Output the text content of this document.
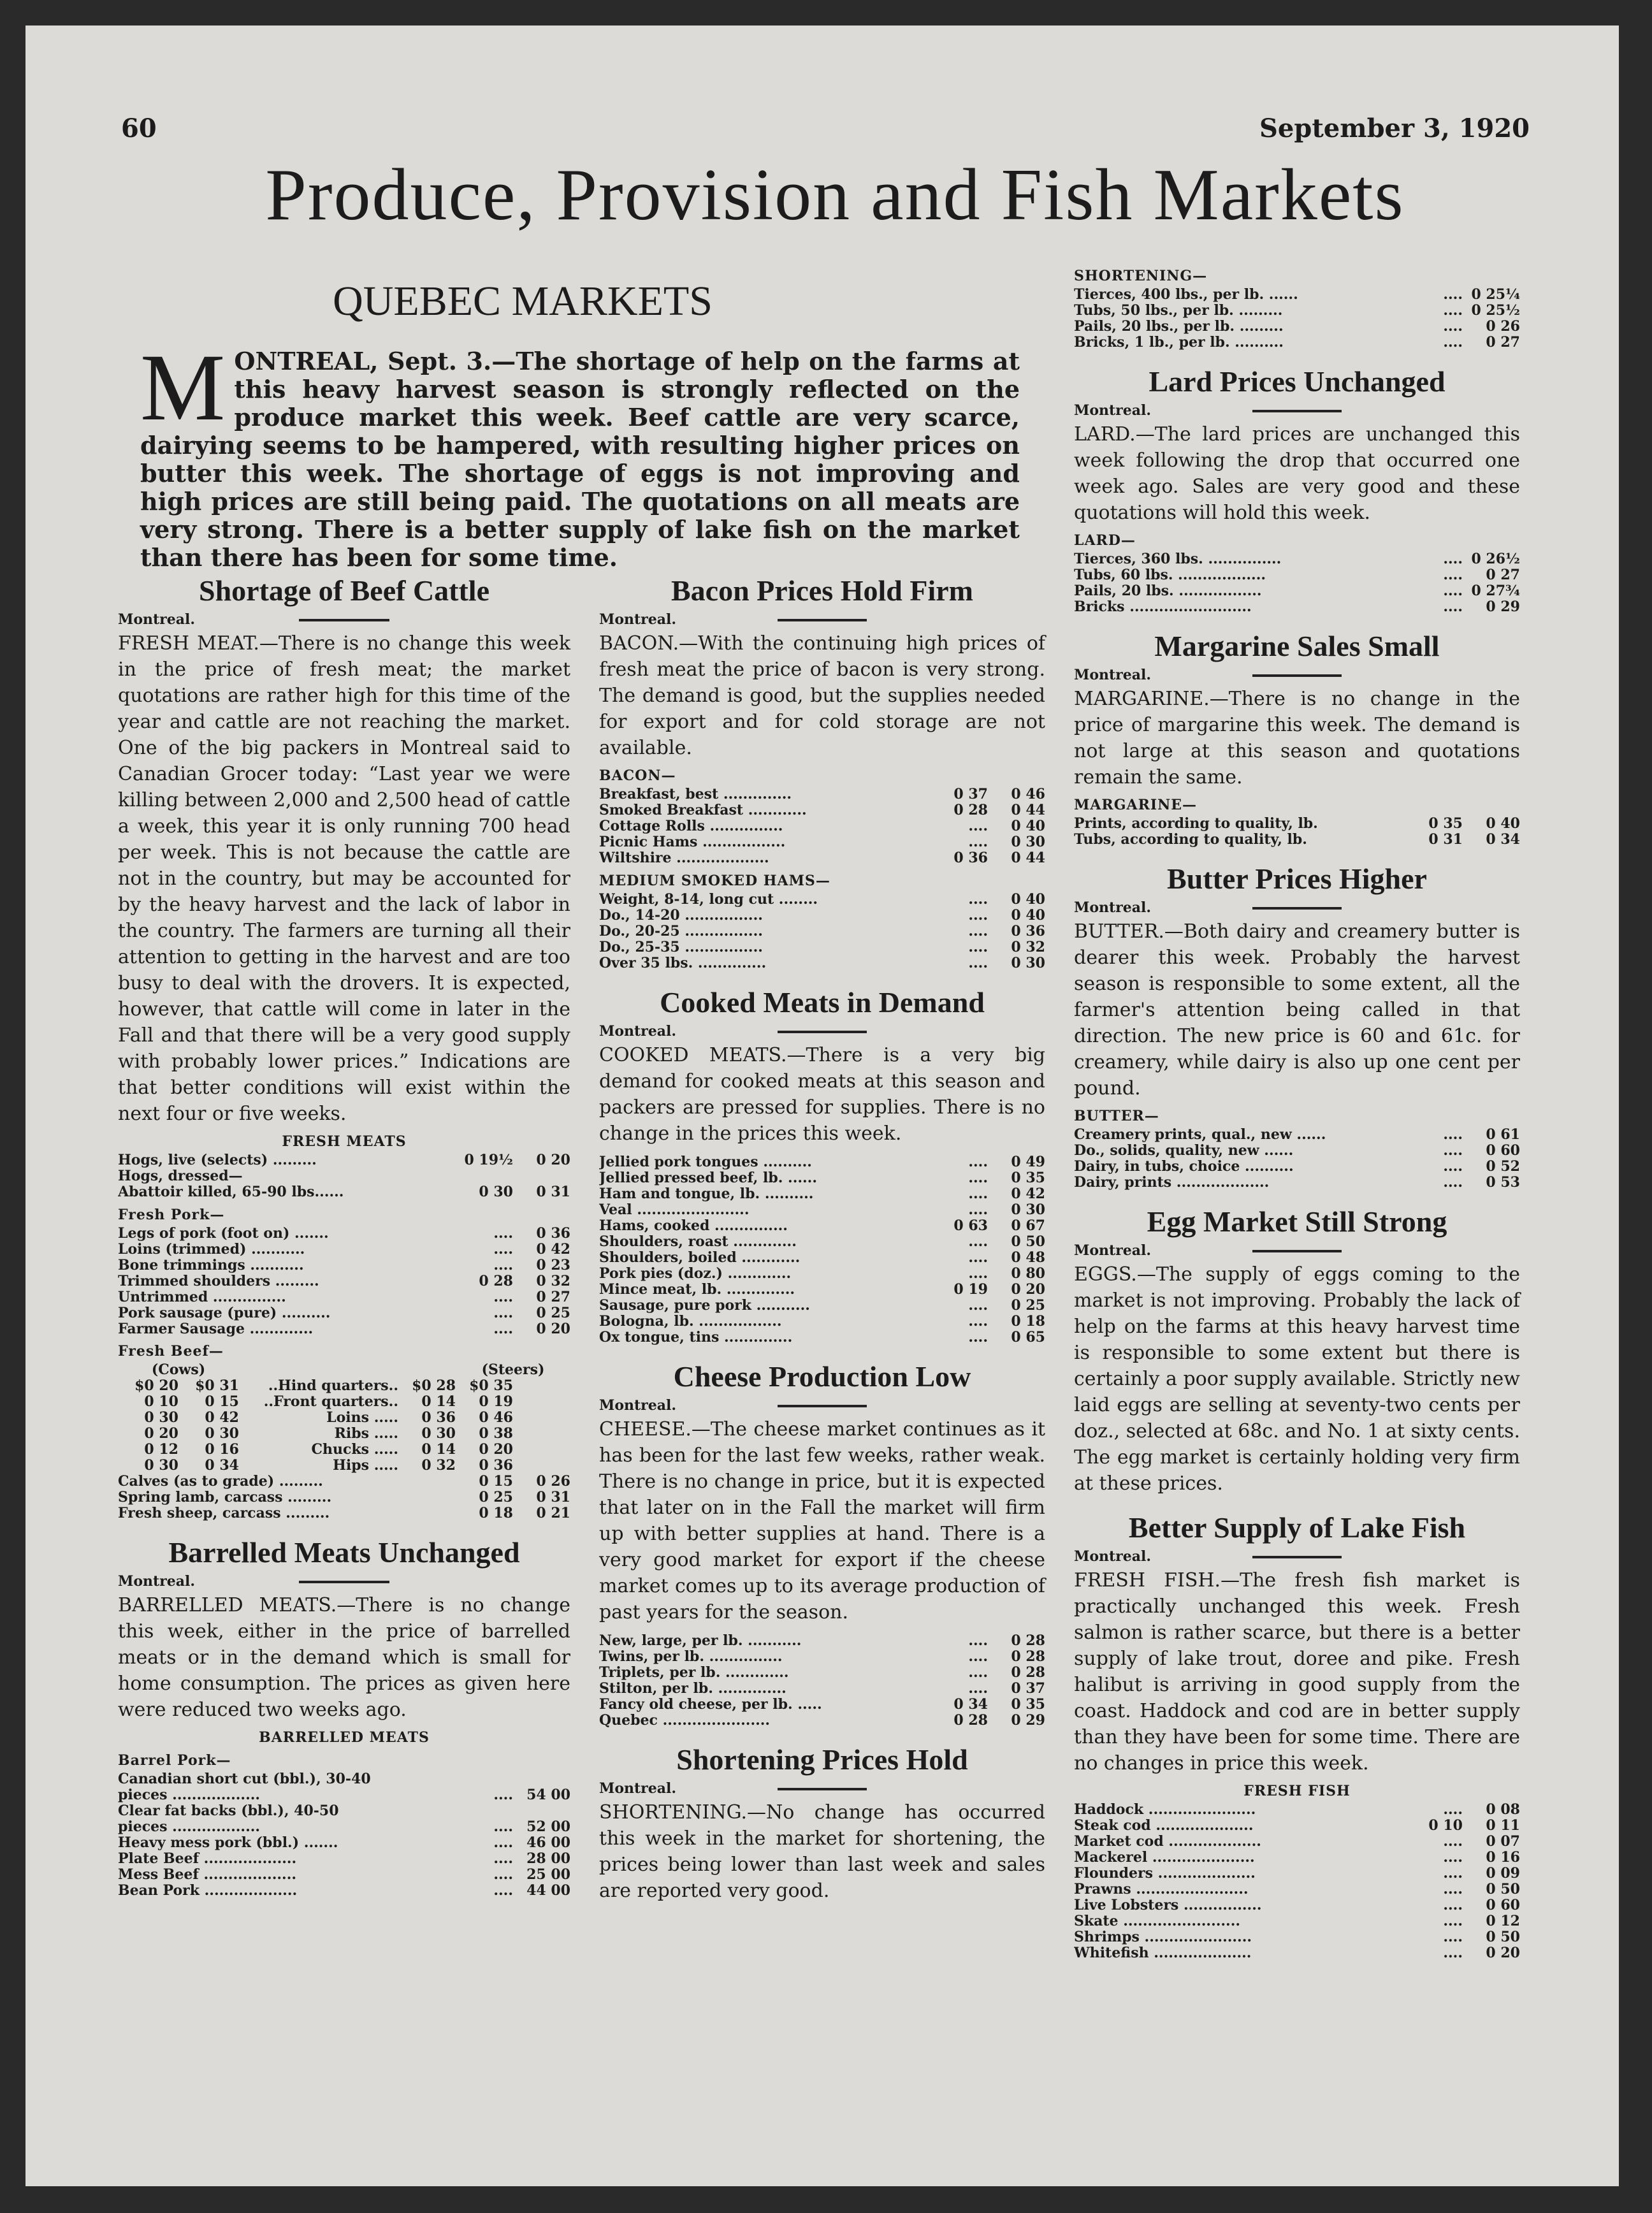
60	September 3, 1920
Produce, Provision and Fish Markets
QUEBEC MARKETS
M ONTREAL, Sept. 3.—The shortage of help on the farms at this heavy harvest season is strongly reflected on the produce market this week. Beef cattle are very scarce, dairying seems to be hampered, with resulting higher prices on butter this week. The shortage of eggs is not improving and high prices are still being paid. The quotations on all meats are very strong. There is a better supply of lake fish on the market than there has been for some time.
Shortage of Beef Cattle
Montreal.
FRESH MEAT.—There is no change this week in the price of fresh meat; the market quotations are rather high for this time of the year and cattle are not reaching the market. One of the big packers in Montreal said to Canadian Grocer today: “Last year we were killing between 2,000 and 2,500 head of cattle a week, this year it is only running 700 head per week. This is not because the cattle are not in the country, but may be accounted for by the heavy harvest and the lack of labor in the country. The farmers are turning all their attention to getting in the harvest and are too busy to deal with the drovers. It is expected, however, that cattle will come in later in the Fall and that there will be a very good supply with probably lower prices.” Indications are that better conditions will exist within the next four or five weeks.
FRESH MEATS
Hogs, live (selects) .........	0 19½	0 20
Hogs, dressed—
Abattoir killed, 65-90 lbs......	0 30	0 31
Fresh Pork—
Legs of pork (foot on) .......	....	0 36
Loins (trimmed) ...........	....	0 42
Bone trimmings ...........	....	0 23
Trimmed shoulders .........	0 28	0 32
Untrimmed ...............	....	0 27
Pork sausage (pure) ..........	....	0 25
Farmer Sausage .............	....	0 20
Fresh Beef—
(Cows)	(Steers)
$0 20	$0 31	..Hind quarters.. $0 28 $0 35
0 10	0 15	..Front quarters..	0 14	0 19
0 30	0 42	Loins .....	0 36	0 46
0 20	0 30	Ribs .....	0 30	0 38
0 12	0 16	Chucks .....	0 14	0 20
0 30	0 34	Hips .....	0 32	0 36
Calves (as to grade) .........	0 15	0 26
Spring lamb, carcass .........	0 25	0 31
Fresh sheep, carcass .........	0 18	0 21
Barrelled Meats Unchanged
Montreal.
BARRELLED MEATS.—There is no change this week, either in the price of barrelled meats or in the demand which is small for home consumption. The prices as given here were reduced two weeks ago.
BARRELLED MEATS
Barrel Pork—
Canadian short cut (bbl.), 30-40
pieces ..................	.... 54 00
Clear fat backs (bbl.), 40-50
pieces ..................	.... 52 00
Heavy mess pork (bbl.) .......	.... 46 00
Plate Beef ...................	.... 28 00
Mess Beef ...................	.... 25 00
Bean Pork ...................	.... 44 00
Bacon Prices Hold Firm
Montreal.
BACON.—With the continuing high prices of fresh meat the price of bacon is very strong. The demand is good, but the supplies needed for export and for cold storage are not available.
BACON—
Breakfast, best ..............	0 37	0 46
Smoked Breakfast ............	0 28	0 44
Cottage Rolls ...............	....	0 40
Picnic Hams .................	....	0 30
Wiltshire ...................	0 36	0 44
MEDIUM SMOKED HAMS—
Weight, 8-14, long cut ........	....	0 40
Do., 14-20 ................	....	0 40
Do., 20-25 ................	....	0 36
Do., 25-35 ................	....	0 32
Over 35 lbs. ..............	....	0 30
Cooked Meats in Demand
Montreal.
COOKED MEATS.—There is a very big demand for cooked meats at this season and packers are pressed for supplies. There is no change in the prices this week.
Jellied pork tongues ..........	....	0 49
Jellied pressed beef, lb. ......	....	0 35
Ham and tongue, lb. ..........	....	0 42
Veal .......................	....	0 30
Hams, cooked ...............	0 63	0 67
Shoulders, roast .............	....	0 50
Shoulders, boiled ............	....	0 48
Pork pies (doz.) .............	....	0 80
Mince meat, lb. ..............	0 19	0 20
Sausage, pure pork ...........	....	0 25
Bologna, lb. .................	....	0 18
Ox tongue, tins ..............	....	0 65
Cheese Production Low
Montreal.
CHEESE.—The cheese market continues as it has been for the last few weeks, rather weak. There is no change in price, but it is expected that later on in the Fall the market will firm up with better supplies at hand. There is a very good market for export if the cheese market comes up to its average production of past years for the season.
New, large, per lb. ...........	....	0 28
Twins, per lb. ...............	....	0 28
Triplets, per lb. .............	....	0 28
Stilton, per lb. ..............	....	0 37
Fancy old cheese, per lb. .....	0 34	0 35
Quebec ......................	0 28	0 29
Shortening Prices Hold
Montreal.
SHORTENING.—No change has occurred this week in the market for shortening, the prices being lower than last week and sales are reported very good.
SHORTENING—
Tierces, 400 lbs., per lb. ......	.... 0 25¼
Tubs, 50 lbs., per lb. .........	.... 0 25½
Pails, 20 lbs., per lb. .........	....	0 26
Bricks, 1 lb., per lb. ..........	....	0 27
Lard Prices Unchanged
Montreal.
LARD.—The lard prices are unchanged this week following the drop that occurred one week ago. Sales are very good and these quotations will hold this week.
LARD—
Tierces, 360 lbs. ...............	.... 0 26½
Tubs, 60 lbs. ..................	....	0 27
Pails, 20 lbs. .................	.... 0 27¾
Bricks .........................	....	0 29
Margarine Sales Small
Montreal.
MARGARINE.—There is no change in the price of margarine this week. The demand is not large at this season and quotations remain the same.
MARGARINE—
Prints, according to quality, lb.	0 35	0 40
Tubs, according to quality, lb.	0 31	0 34
Butter Prices Higher
Montreal.
BUTTER.—Both dairy and creamery butter is dearer this week. Probably the harvest season is responsible to some extent, all the farmer's attention being called in that direction. The new price is 60 and 61c. for creamery, while dairy is also up one cent per pound.
BUTTER—
Creamery prints, qual., new ......	....	0 61
Do., solids, quality, new ......	....	0 60
Dairy, in tubs, choice ..........	....	0 52
Dairy, prints ...................	....	0 53
Egg Market Still Strong
Montreal.
EGGS.—The supply of eggs coming to the market is not improving. Probably the lack of help on the farms at this heavy harvest time is responsible to some extent but there is certainly a poor supply available. Strictly new laid eggs are selling at seventy-two cents per doz., selected at 68c. and No. 1 at sixty cents. The egg market is certainly holding very firm at these prices.
Better Supply of Lake Fish
Montreal.
FRESH FISH.—The fresh fish market is practically unchanged this week. Fresh salmon is rather scarce, but there is a better supply of lake trout, doree and pike. Fresh halibut is arriving in good supply from the coast. Haddock and cod are in better supply than they have been for some time. There are no changes in price this week.
FRESH FISH
Haddock ......................	....	0 08
Steak cod ....................	0 10	0 11
Market cod ...................	....	0 07
Mackerel .....................	....	0 16
Flounders ....................	....	0 09
Prawns .......................	....	0 50
Live Lobsters ................	....	0 60
Skate ........................	....	0 12
Shrimps ......................	....	0 50
Whitefish ....................	....	0 20
